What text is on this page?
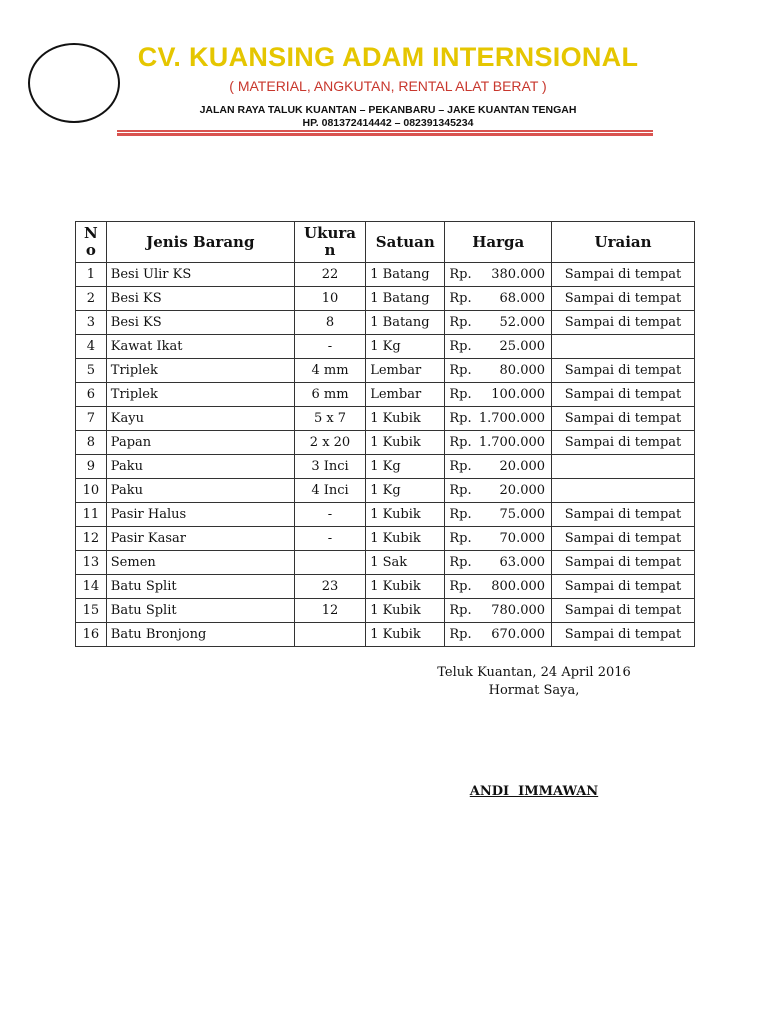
CV. KUANSING ADAM INTERNSIONAL
( MATERIAL, ANGKUTAN, RENTAL ALAT BERAT )
JALAN RAYA TALUK KUANTAN – PEKANBARU – JAKE KUANTAN TENGAH
HP. 081372414442 – 082391345234
N o	Jenis Barang	Ukura n	Satuan	Harga	Uraian
1	Besi Ulir KS	22	1 Batang	Rp. 380.000	Sampai di tempat
2	Besi KS	10	1 Batang	Rp. 68.000	Sampai di tempat
3	Besi KS	8	1 Batang	Rp. 52.000	Sampai di tempat
4	Kawat Ikat	-	1 Kg	Rp. 25.000	

5	Triplek	4 mm	Lembar	Rp. 80.000	Sampai di tempat
6	Triplek	6 mm	Lembar	Rp. 100.000	Sampai di tempat
7	Kayu	5 x 7	1 Kubik	Rp. 1.700.000	Sampai di tempat
8	Papan	2 x 20	1 Kubik	Rp. 1.700.000	Sampai di tempat
9	Paku	3 Inci	1 Kg	Rp. 20.000	

10	Paku	4 Inci	1 Kg	Rp. 20.000	

11	Pasir Halus	-	1 Kubik	Rp. 75.000	Sampai di tempat
12	Pasir Kasar	-	1 Kubik	Rp. 70.000	Sampai di tempat
13	Semen		1 Sak	Rp. 63.000	Sampai di tempat
14	Batu Split	23	1 Kubik	Rp. 800.000	Sampai di tempat
15	Batu Split	12	1 Kubik	Rp. 780.000	Sampai di tempat
16	Batu Bronjong		1 Kubik	Rp. 670.000	Sampai di tempat
Teluk Kuantan, 24 April 2016
Hormat Saya,
ANDI  IMMAWAN
